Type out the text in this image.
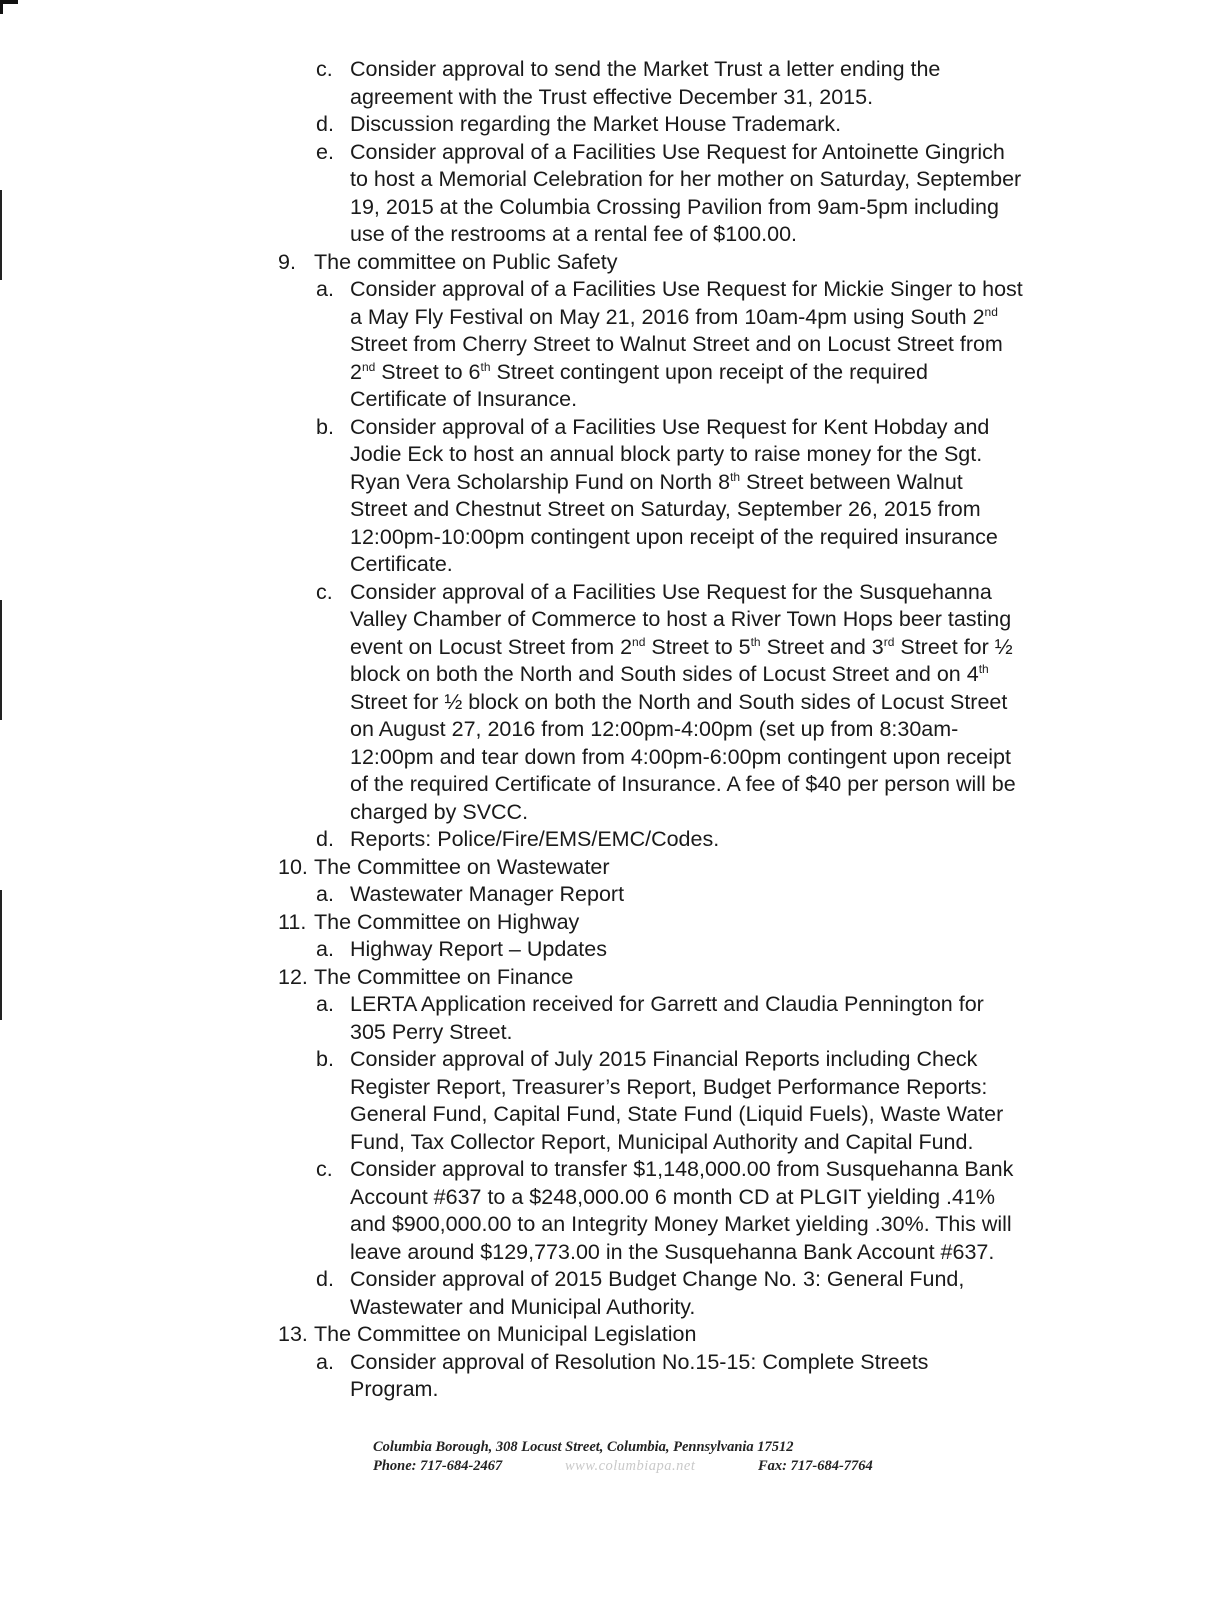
c. Consider approval to send the Market Trust a letter ending the
agreement with the Trust effective December 31, 2015.
d. Discussion regarding the Market House Trademark.
e. Consider approval of a Facilities Use Request for Antoinette Gingrich
to host a Memorial Celebration for her mother on Saturday, September
19, 2015 at the Columbia Crossing Pavilion from 9am-5pm including
use of the restrooms at a rental fee of $100.00.
9. The committee on Public Safety
a. Consider approval of a Facilities Use Request for Mickie Singer to host
a May Fly Festival on May 21, 2016 from 10am-4pm using South 2nd
Street from Cherry Street to Walnut Street and on Locust Street from
2nd Street to 6th Street contingent upon receipt of the required
Certificate of Insurance.
b. Consider approval of a Facilities Use Request for Kent Hobday and
Jodie Eck to host an annual block party to raise money for the Sgt.
Ryan Vera Scholarship Fund on North 8th Street between Walnut
Street and Chestnut Street on Saturday, September 26, 2015 from
12:00pm-10:00pm contingent upon receipt of the required insurance
Certificate.
c. Consider approval of a Facilities Use Request for the Susquehanna
Valley Chamber of Commerce to host a River Town Hops beer tasting
event on Locust Street from 2nd Street to 5th Street and 3rd Street for ½
block on both the North and South sides of Locust Street and on 4th
Street for ½ block on both the North and South sides of Locust Street
on August 27, 2016 from 12:00pm-4:00pm (set up from 8:30am-
12:00pm and tear down from 4:00pm-6:00pm contingent upon receipt
of the required Certificate of Insurance. A fee of $40 per person will be
charged by SVCC.
d. Reports: Police/Fire/EMS/EMC/Codes.
10. The Committee on Wastewater
a. Wastewater Manager Report
11. The Committee on Highway
a. Highway Report – Updates
12. The Committee on Finance
a. LERTA Application received for Garrett and Claudia Pennington for
305 Perry Street.
b. Consider approval of July 2015 Financial Reports including Check
Register Report, Treasurer’s Report, Budget Performance Reports:
General Fund, Capital Fund, State Fund (Liquid Fuels), Waste Water
Fund, Tax Collector Report, Municipal Authority and Capital Fund.
c. Consider approval to transfer $1,148,000.00 from Susquehanna Bank
Account #637 to a $248,000.00 6 month CD at PLGIT yielding .41%
and $900,000.00 to an Integrity Money Market yielding .30%. This will
leave around $129,773.00 in the Susquehanna Bank Account #637.
d. Consider approval of 2015 Budget Change No. 3: General Fund,
Wastewater and Municipal Authority.
13. The Committee on Municipal Legislation
a. Consider approval of Resolution No.15-15: Complete Streets
Program.
Columbia Borough, 308 Locust Street, Columbia, Pennsylvania 17512
Phone: 717-684-2467	www.columbiapa.net	Fax: 717-684-7764
